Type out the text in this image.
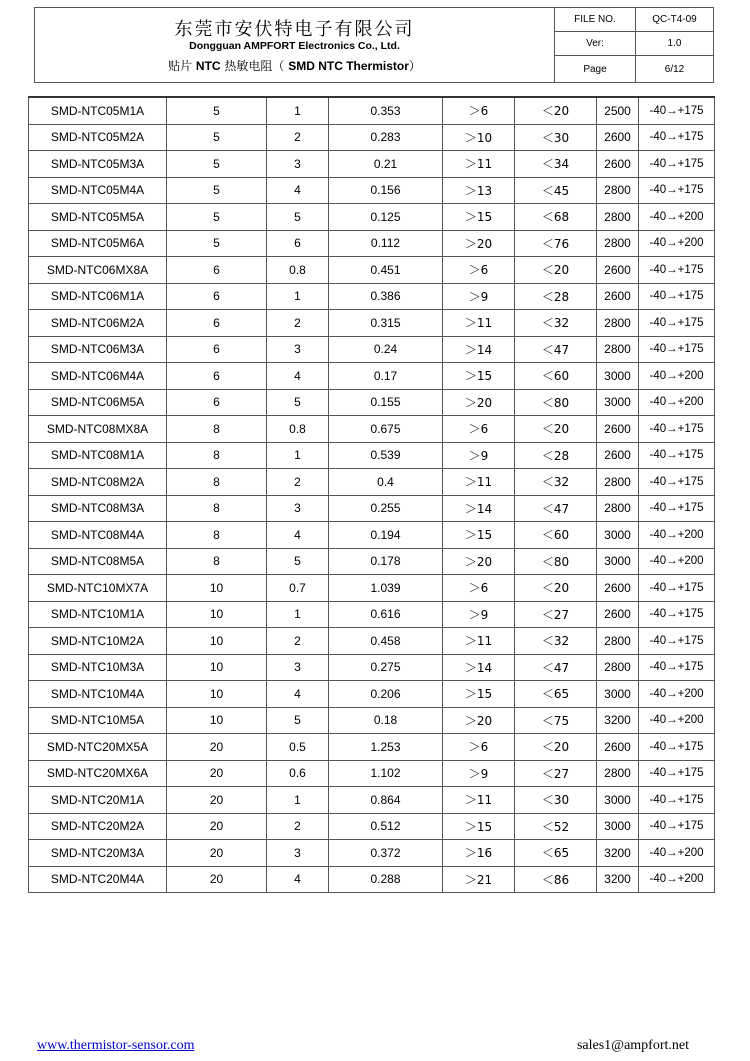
东莞市安伏特电子有限公司
Dongguan AMPFORT Electronics Co., Ltd.
贴片 NTC 热敏电阻（ SMD NTC Thermistor）
FILE NO.	QC-T4-09
Ver:	1.0
Page	6/12
SMD-NTC05M1A	5	1	0.353	＞6	＜20	2500	-40→+175
SMD-NTC05M2A	5	2	0.283	＞10	＜30	2600	-40→+175
SMD-NTC05M3A	5	3	0.21	＞11	＜34	2600	-40→+175
SMD-NTC05M4A	5	4	0.156	＞13	＜45	2800	-40→+175
SMD-NTC05M5A	5	5	0.125	＞15	＜68	2800	-40→+200
SMD-NTC05M6A	5	6	0.112	＞20	＜76	2800	-40→+200
SMD-NTC06MX8A	6	0.8	0.451	＞6	＜20	2600	-40→+175
SMD-NTC06M1A	6	1	0.386	＞9	＜28	2600	-40→+175
SMD-NTC06M2A	6	2	0.315	＞11	＜32	2800	-40→+175
SMD-NTC06M3A	6	3	0.24	＞14	＜47	2800	-40→+175
SMD-NTC06M4A	6	4	0.17	＞15	＜60	3000	-40→+200
SMD-NTC06M5A	6	5	0.155	＞20	＜80	3000	-40→+200
SMD-NTC08MX8A	8	0.8	0.675	＞6	＜20	2600	-40→+175
SMD-NTC08M1A	8	1	0.539	＞9	＜28	2600	-40→+175
SMD-NTC08M2A	8	2	0.4	＞11	＜32	2800	-40→+175
SMD-NTC08M3A	8	3	0.255	＞14	＜47	2800	-40→+175
SMD-NTC08M4A	8	4	0.194	＞15	＜60	3000	-40→+200
SMD-NTC08M5A	8	5	0.178	＞20	＜80	3000	-40→+200
SMD-NTC10MX7A	10	0.7	1.039	＞6	＜20	2600	-40→+175
SMD-NTC10M1A	10	1	0.616	＞9	＜27	2600	-40→+175
SMD-NTC10M2A	10	2	0.458	＞11	＜32	2800	-40→+175
SMD-NTC10M3A	10	3	0.275	＞14	＜47	2800	-40→+175
SMD-NTC10M4A	10	4	0.206	＞15	＜65	3000	-40→+200
SMD-NTC10M5A	10	5	0.18	＞20	＜75	3200	-40→+200
SMD-NTC20MX5A	20	0.5	1.253	＞6	＜20	2600	-40→+175
SMD-NTC20MX6A	20	0.6	1.102	＞9	＜27	2800	-40→+175
SMD-NTC20M1A	20	1	0.864	＞11	＜30	3000	-40→+175
SMD-NTC20M2A	20	2	0.512	＞15	＜52	3000	-40→+175
SMD-NTC20M3A	20	3	0.372	＞16	＜65	3200	-40→+200
SMD-NTC20M4A	20	4	0.288	＞21	＜86	3200	-40→+200
www.thermistor-sensor.com	sales1@ampfort.net
